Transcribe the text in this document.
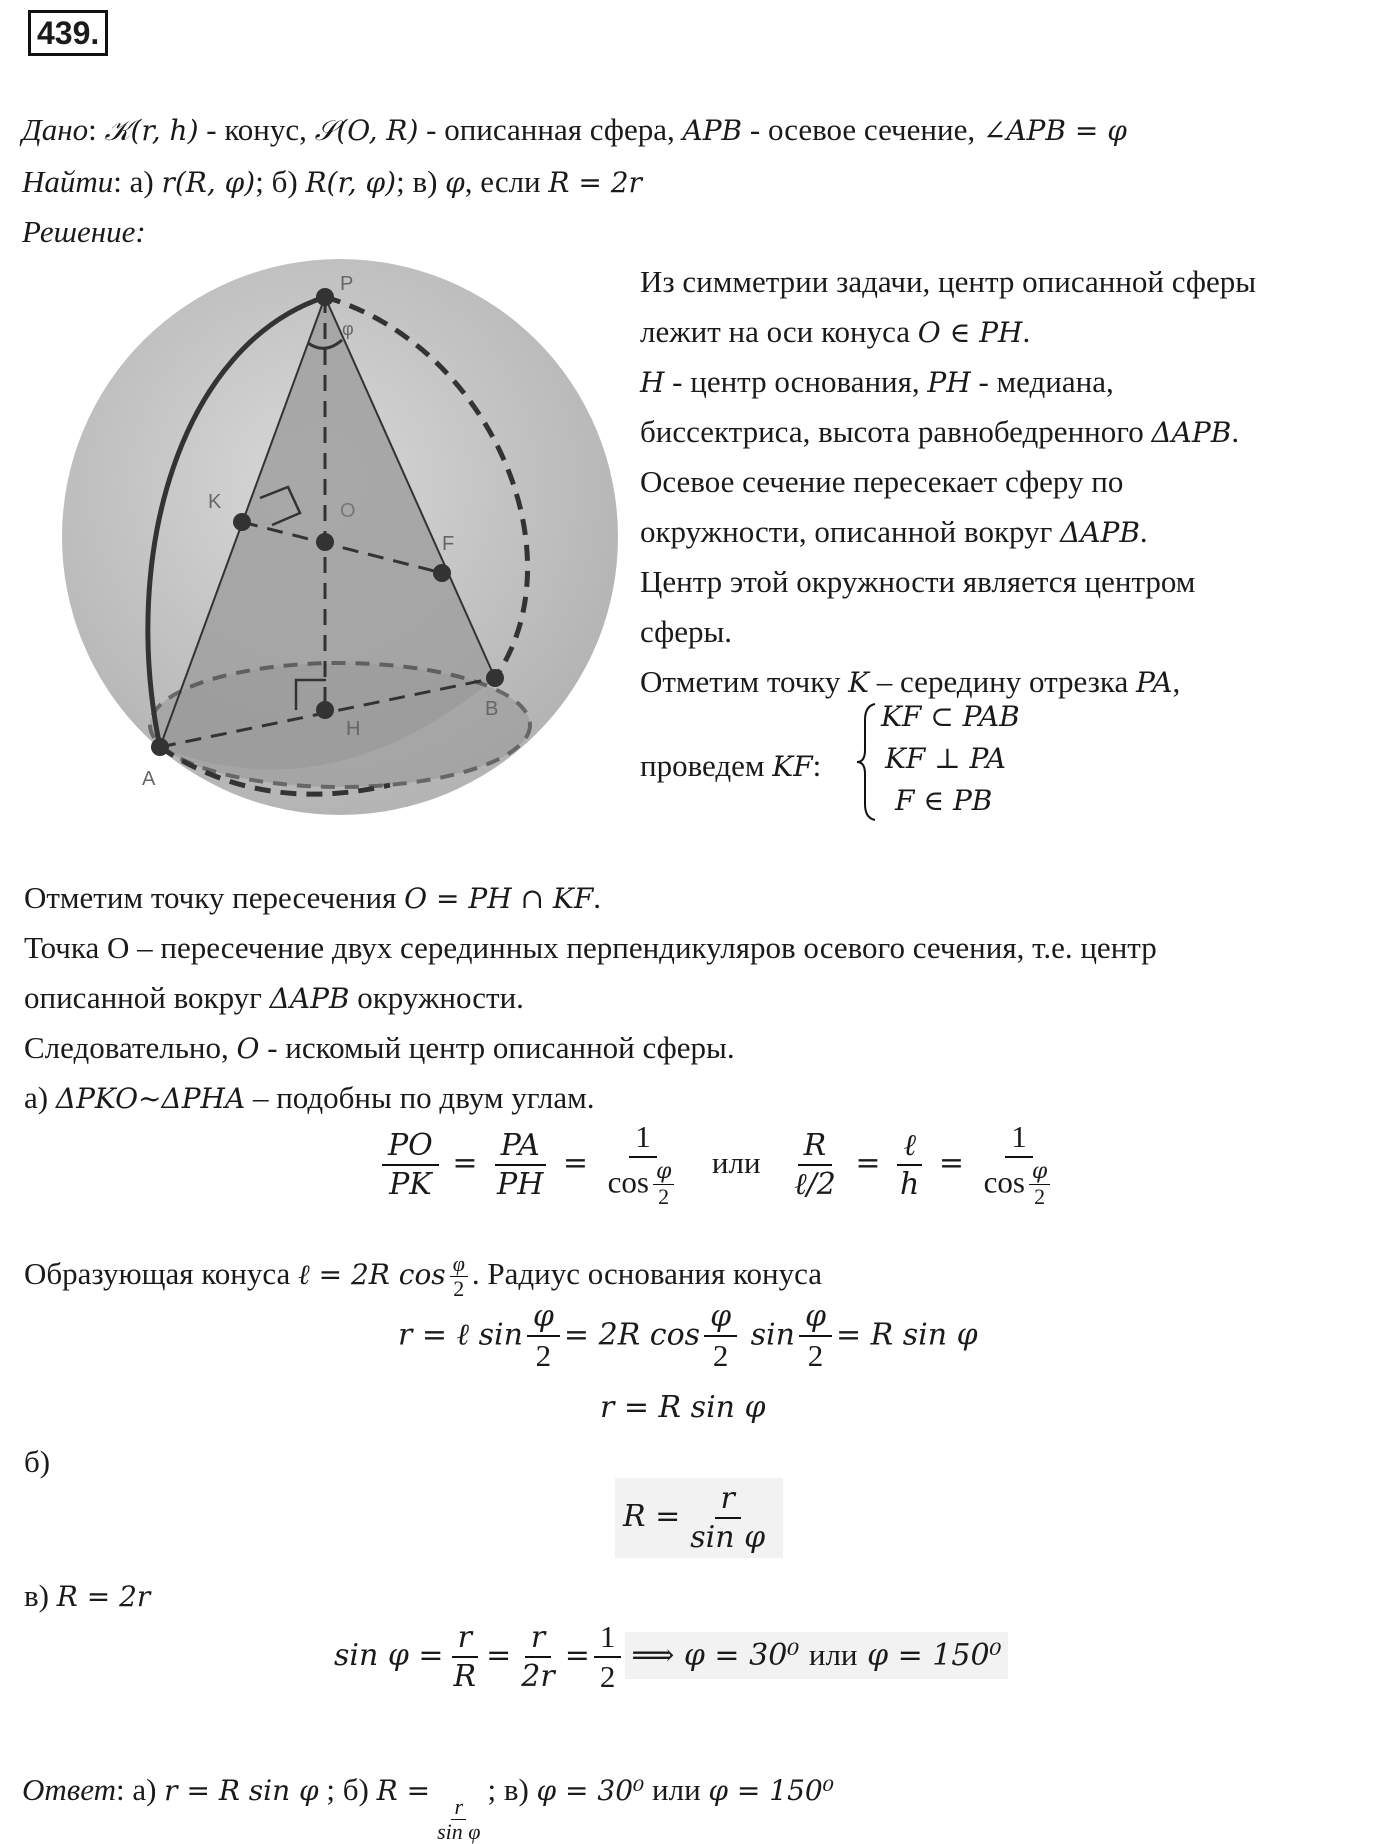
439.
Дано: 𝒦(r, h) - конус, 𝒮(O, R) - описанная сфера, APB - осевое сечение, ∠APB = φ
Найти: а) r(R, φ); б) R(r, φ); в) φ, если R = 2r
Решение:
P
φ
K	O
F
H
A
B
Из симметрии задачи, центр описанной сферы
лежит на оси конуса O ∈ PH.
H - центр основания, PH - медиана,
биссектриса, высота равнобедренного ΔAPB.
Осевое сечение пересекает сферу по
окружности, описанной вокруг ΔAPB.
Центр этой окружности является центром
сферы.
Отметим точку K – середину отрезка PA,
проведем KF:
KF ⊂ PAB
KF ⊥ PA
F ∈ PB
Отметим точку пересечения O = PH ∩ KF.
Точка O – пересечение двух серединных перпендикуляров осевого сечения, т.е. центр
описанной вокруг ΔAPB окружности.
Следовательно, O - искомый центр описанной сферы.
а) ΔPKO~ΔPHA – подобны по двум углам.
$\frac{PO}{PK} = \frac{PA}{PH} = \frac{1}{\cos \frac{\varphi}{2}}$ или $\frac{R}{\text{ℓ/2}} = \frac{\text{ℓ}}{h} = \frac{1}{\cos \frac{\varphi}{2}}$
Образующая конуса ℓ = 2R $\cos \frac{\varphi}{2}$ . Радиус основания конуса
r = ℓ $\sin \frac{\varphi}{2} = 2R$ $\cos \frac{\varphi}{2}$ $\sin \frac{\varphi}{2} = R$ sin φ
r = R sin φ
б)
$R = \frac{r}{\text{sin φ}}$
в) R = 2r
$\sin \varphi = \frac{r}{R} = \frac{r}{2r} = \frac{1}{2}$ ⟹ φ = 30⁰ или φ = 150⁰
Ответ: а) r = R sin φ ; б) R =
$\frac{r}{\text{sin φ}}$
; в) φ = 30⁰ или φ = 150⁰
